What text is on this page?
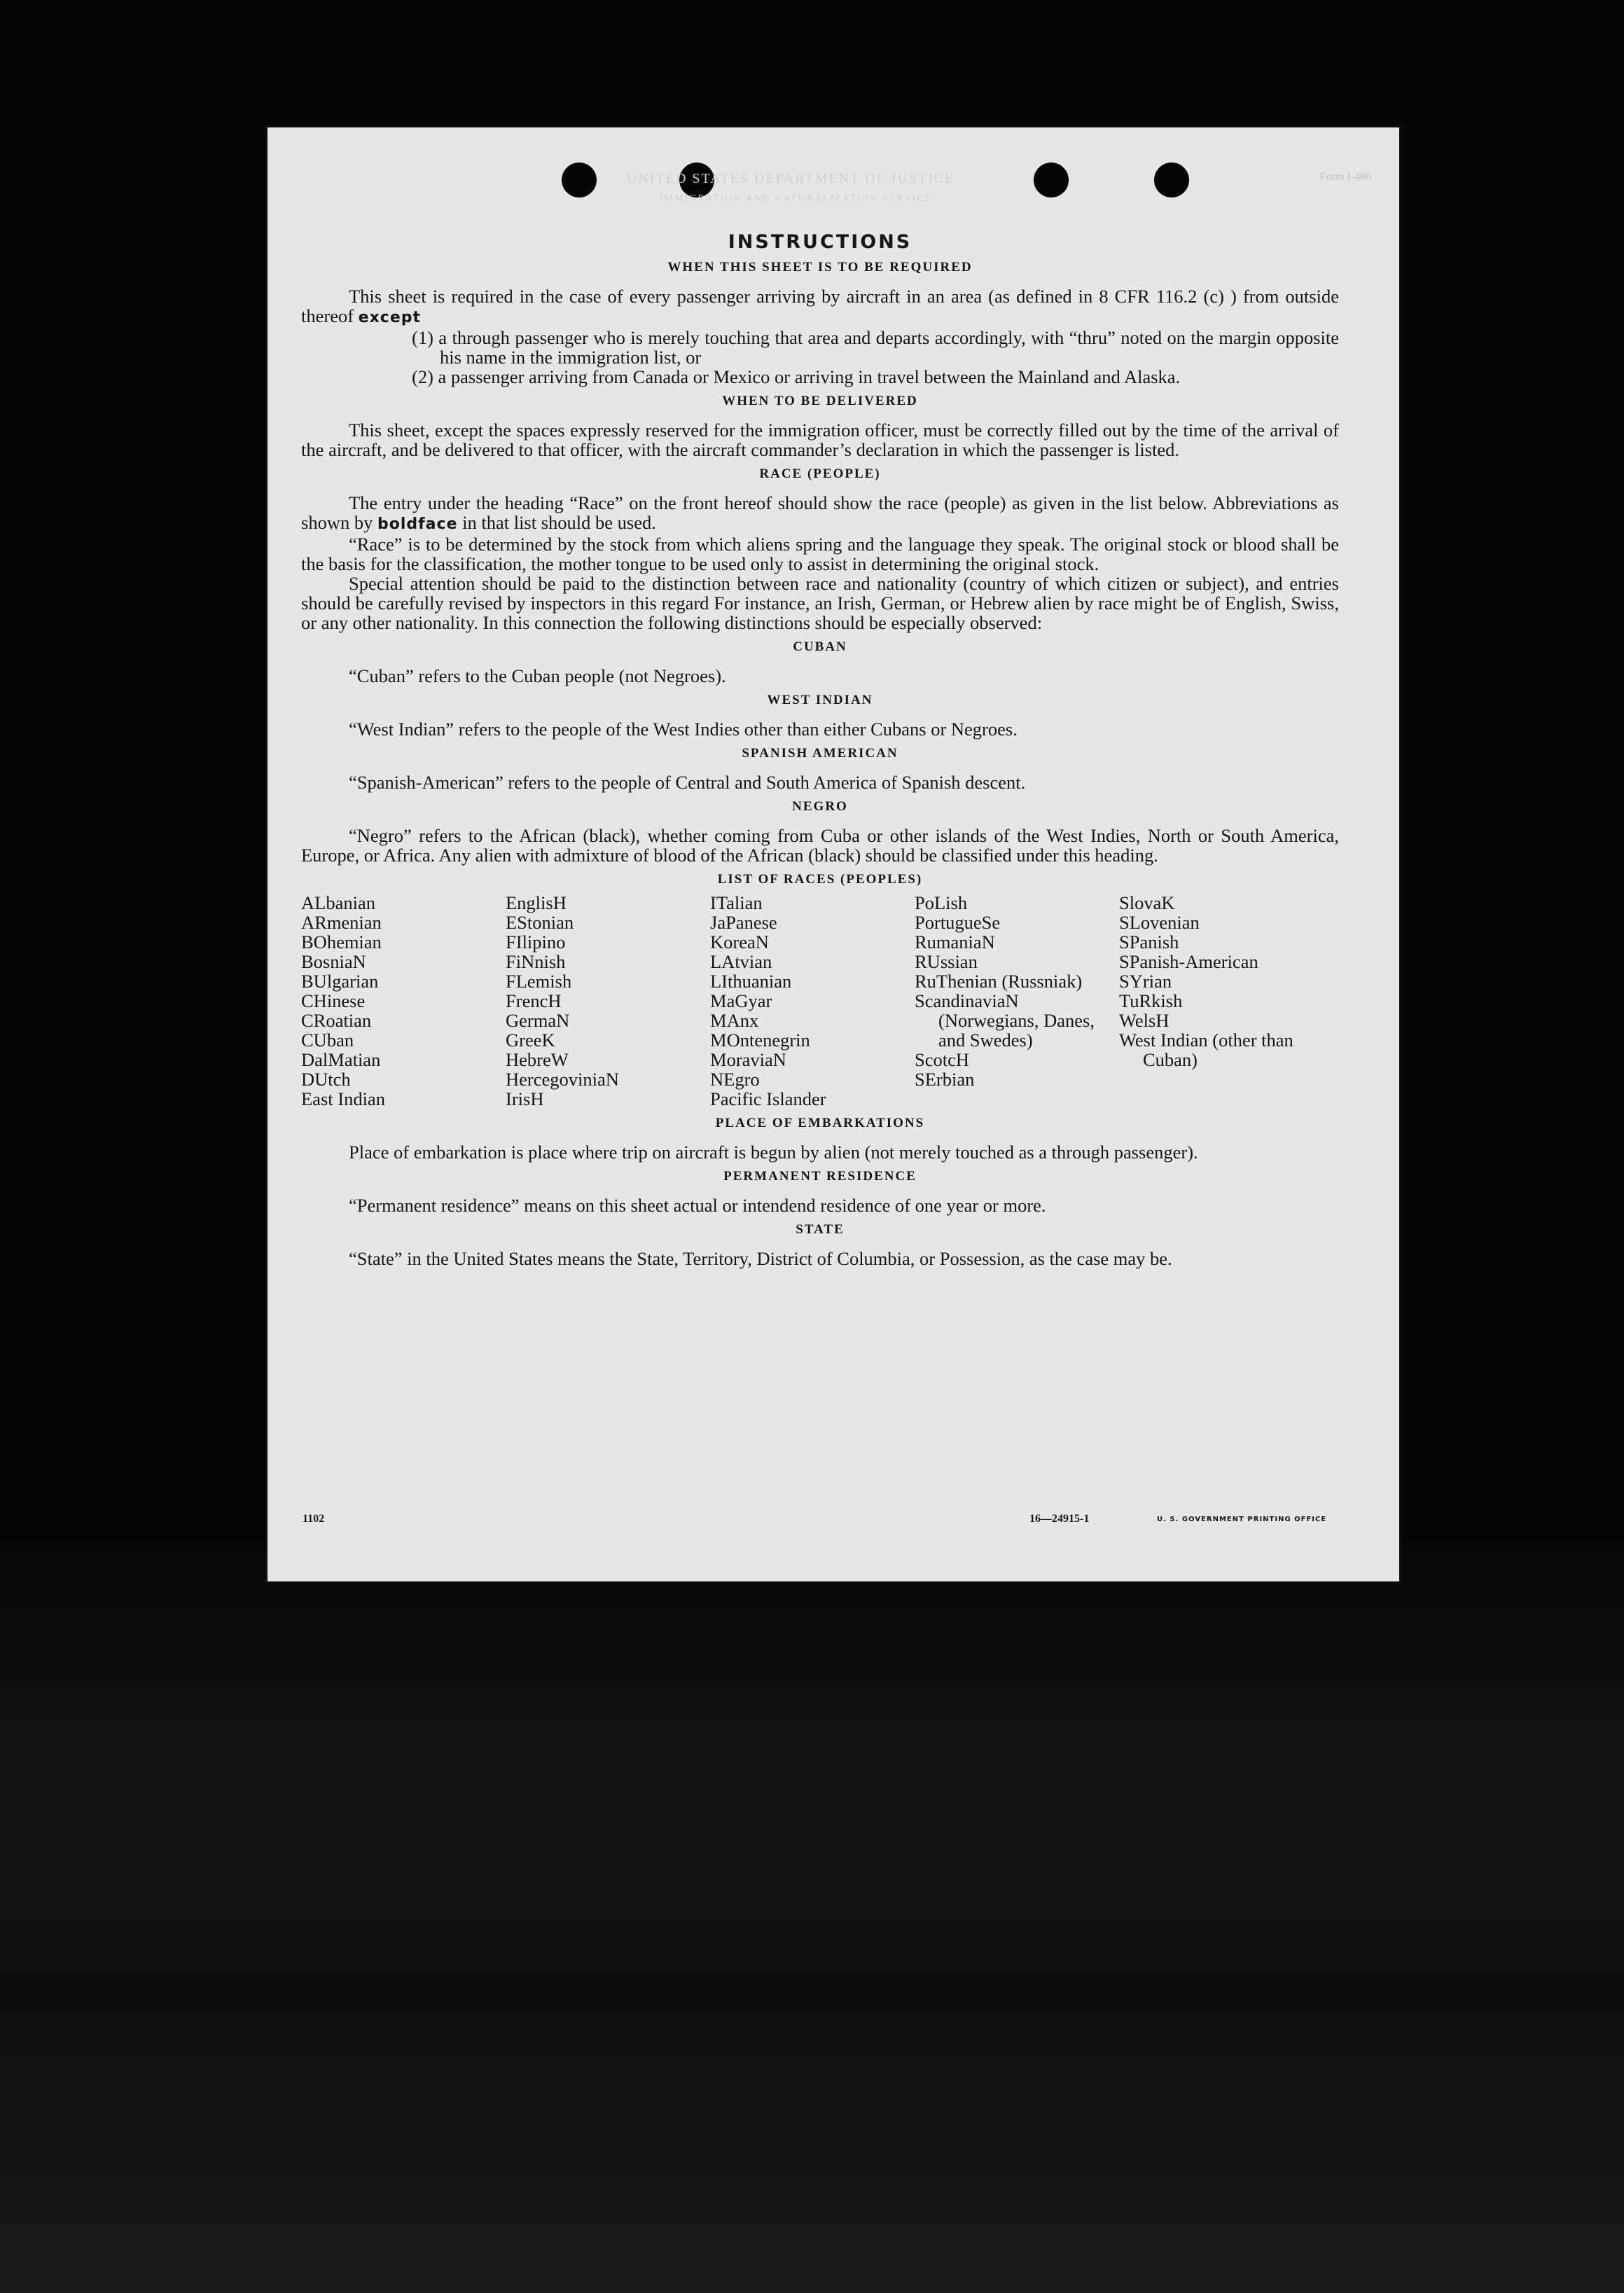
UNITED STATES DEPARTMENT OF JUSTICE
IMMIGRATION AND NATURALIZATION SERVICE
Form I-466
INSTRUCTIONS
WHEN THIS SHEET IS TO BE REQUIRED

This sheet is required in the case of every passenger arriving by aircraft in an area (as defined in 8 CFR 116.2 (c) ) from outside thereof except

(1) a through passenger who is merely touching that area and departs accordingly, with “thru” noted on the margin opposite his name in the immigration list, or
(2) a passenger arriving from Canada or Mexico or arriving in travel between the Mainland and Alaska.
WHEN TO BE DELIVERED

This sheet, except the spaces expressly reserved for the immigration officer, must be correctly filled out by the time of the arrival of the aircraft, and be delivered to that officer, with the aircraft commander’s declaration in which the passenger is listed.

RACE (PEOPLE)

The entry under the heading “Race” on the front hereof should show the race (people) as given in the list below. Abbreviations as shown by boldface in that list should be used.

“Race” is to be determined by the stock from which aliens spring and the language they speak. The original stock or blood shall be the basis for the classification, the mother tongue to be used only to assist in determining the original stock.

Special attention should be paid to the distinction between race and nationality (country of which citizen or subject), and entries should be carefully revised by inspectors in this regard For instance, an Irish, German, or Hebrew alien by race might be of English, Swiss, or any other nationality. In this connection the following distinctions should be especially observed:

CUBAN

“Cuban” refers to the Cuban people (not Negroes).

WEST INDIAN

“West Indian” refers to the people of the West Indies other than either Cubans or Negroes.

SPANISH AMERICAN

“Spanish-American” refers to the people of Central and South America of Spanish descent.

NEGRO

“Negro” refers to the African (black), whether coming from Cuba or other islands of the West Indies, North or South America, Europe, or Africa. Any alien with admixture of blood of the African (black) should be classified under this heading.

LIST OF RACES (PEOPLES)
ALbanian
ARmenian
BOhemian
BosniaN
BUlgarian
CHinese
CRoatian
CUban
DalMatian
DUtch
East Indian
EnglisH
EStonian
FIlipino
FiNnish
FLemish
FrencH
GermaN
GreeK
HebreW
HercegoviniaN
IrisH
ITalian
JaPanese
KoreaN
LAtvian
LIthuanian
MaGyar
MAnx
MOntenegrin
MoraviaN
NEgro
Pacific Islander
PoLish
PortugueSe
RumaniaN
RUssian
RuThenian (Russniak)
ScandinaviaN (Norwegians, Danes, and Swedes)
ScotcH
SErbian
SlovaK
SLovenian
SPanish
SPanish-American
SYrian
TuRkish
WelsH
West Indian (other than Cuban)
PLACE OF EMBARKATIONS

Place of embarkation is place where trip on aircraft is begun by alien (not merely touched as a through passenger).

PERMANENT RESIDENCE

“Permanent residence” means on this sheet actual or intendend residence of one year or more.

STATE

“State” in the United States means the State, Territory, District of Columbia, or Possession, as the case may be.

1102	16—24915-1	U. S. GOVERNMENT PRINTING OFFICE
